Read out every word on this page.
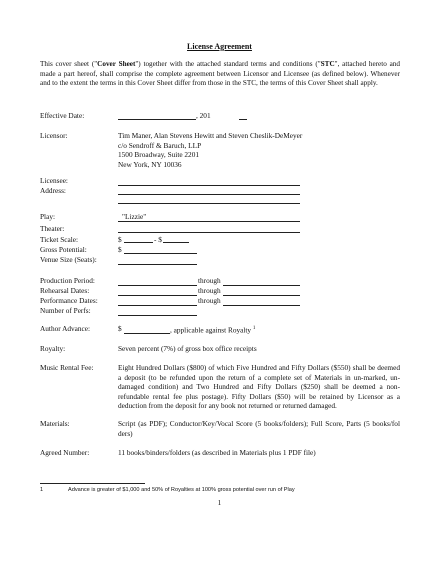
License Agreement
This cover sheet ("Cover Sheet") together with the attached standard terms and conditions ("STC", attached hereto and made a part hereof, shall comprise the complete agreement between Licensor and Licensee (as defined below). Whenever and to the extent the terms in this Cover Sheet differ from those in the STC, the terms of this Cover Sheet shall apply.
Effective Date:	, 201
Licensor:	Tim Maner, Alan Stevens Hewitt and Steven Cheslik-DeMeyer
c/o Sendroff & Baruch, LLP
1500 Broadway, Suite 2201
New York, NY 10036
Licensee:
Address:
Play:	"Lizzie"
Theater:
Ticket Scale:	$	- $
Gross Potential:	$
Venue Size (Seats):
Production Period:	through
Rehearsal Dates:	through
Performance Dates:	through
Number of Perfs:
Author Advance:	$	, applicable against Royalty $^1$
Royalty:	Seven percent (7%) of gross box office receipts
Music Rental Fee:	Eight Hundred Dollars ($800) of which Five Hundred and Fifty Dollars ($550) shall be deemed a deposit (to be refunded upon the return of a complete set of Materials in un-marked, un-damaged condition) and Two Hundred and Fifty Dollars ($250) shall be deemed a non-refundable rental fee plus postage). Fifty Dollars ($50) will be retained by Licensor as a deduction from the deposit for any book not returned or returned damaged.
Materials:	Script (as PDF); Conductor/Key/Vocal Score (5 books/folders); Full Score, Parts (5 books/fol ders)
Agreed Number:	11 books/binders/folders (as described in Materials plus 1 PDF file)
1	Advance is greater of $1,000 and 50% of Royalties at 100% gross potential over run of Play
1
